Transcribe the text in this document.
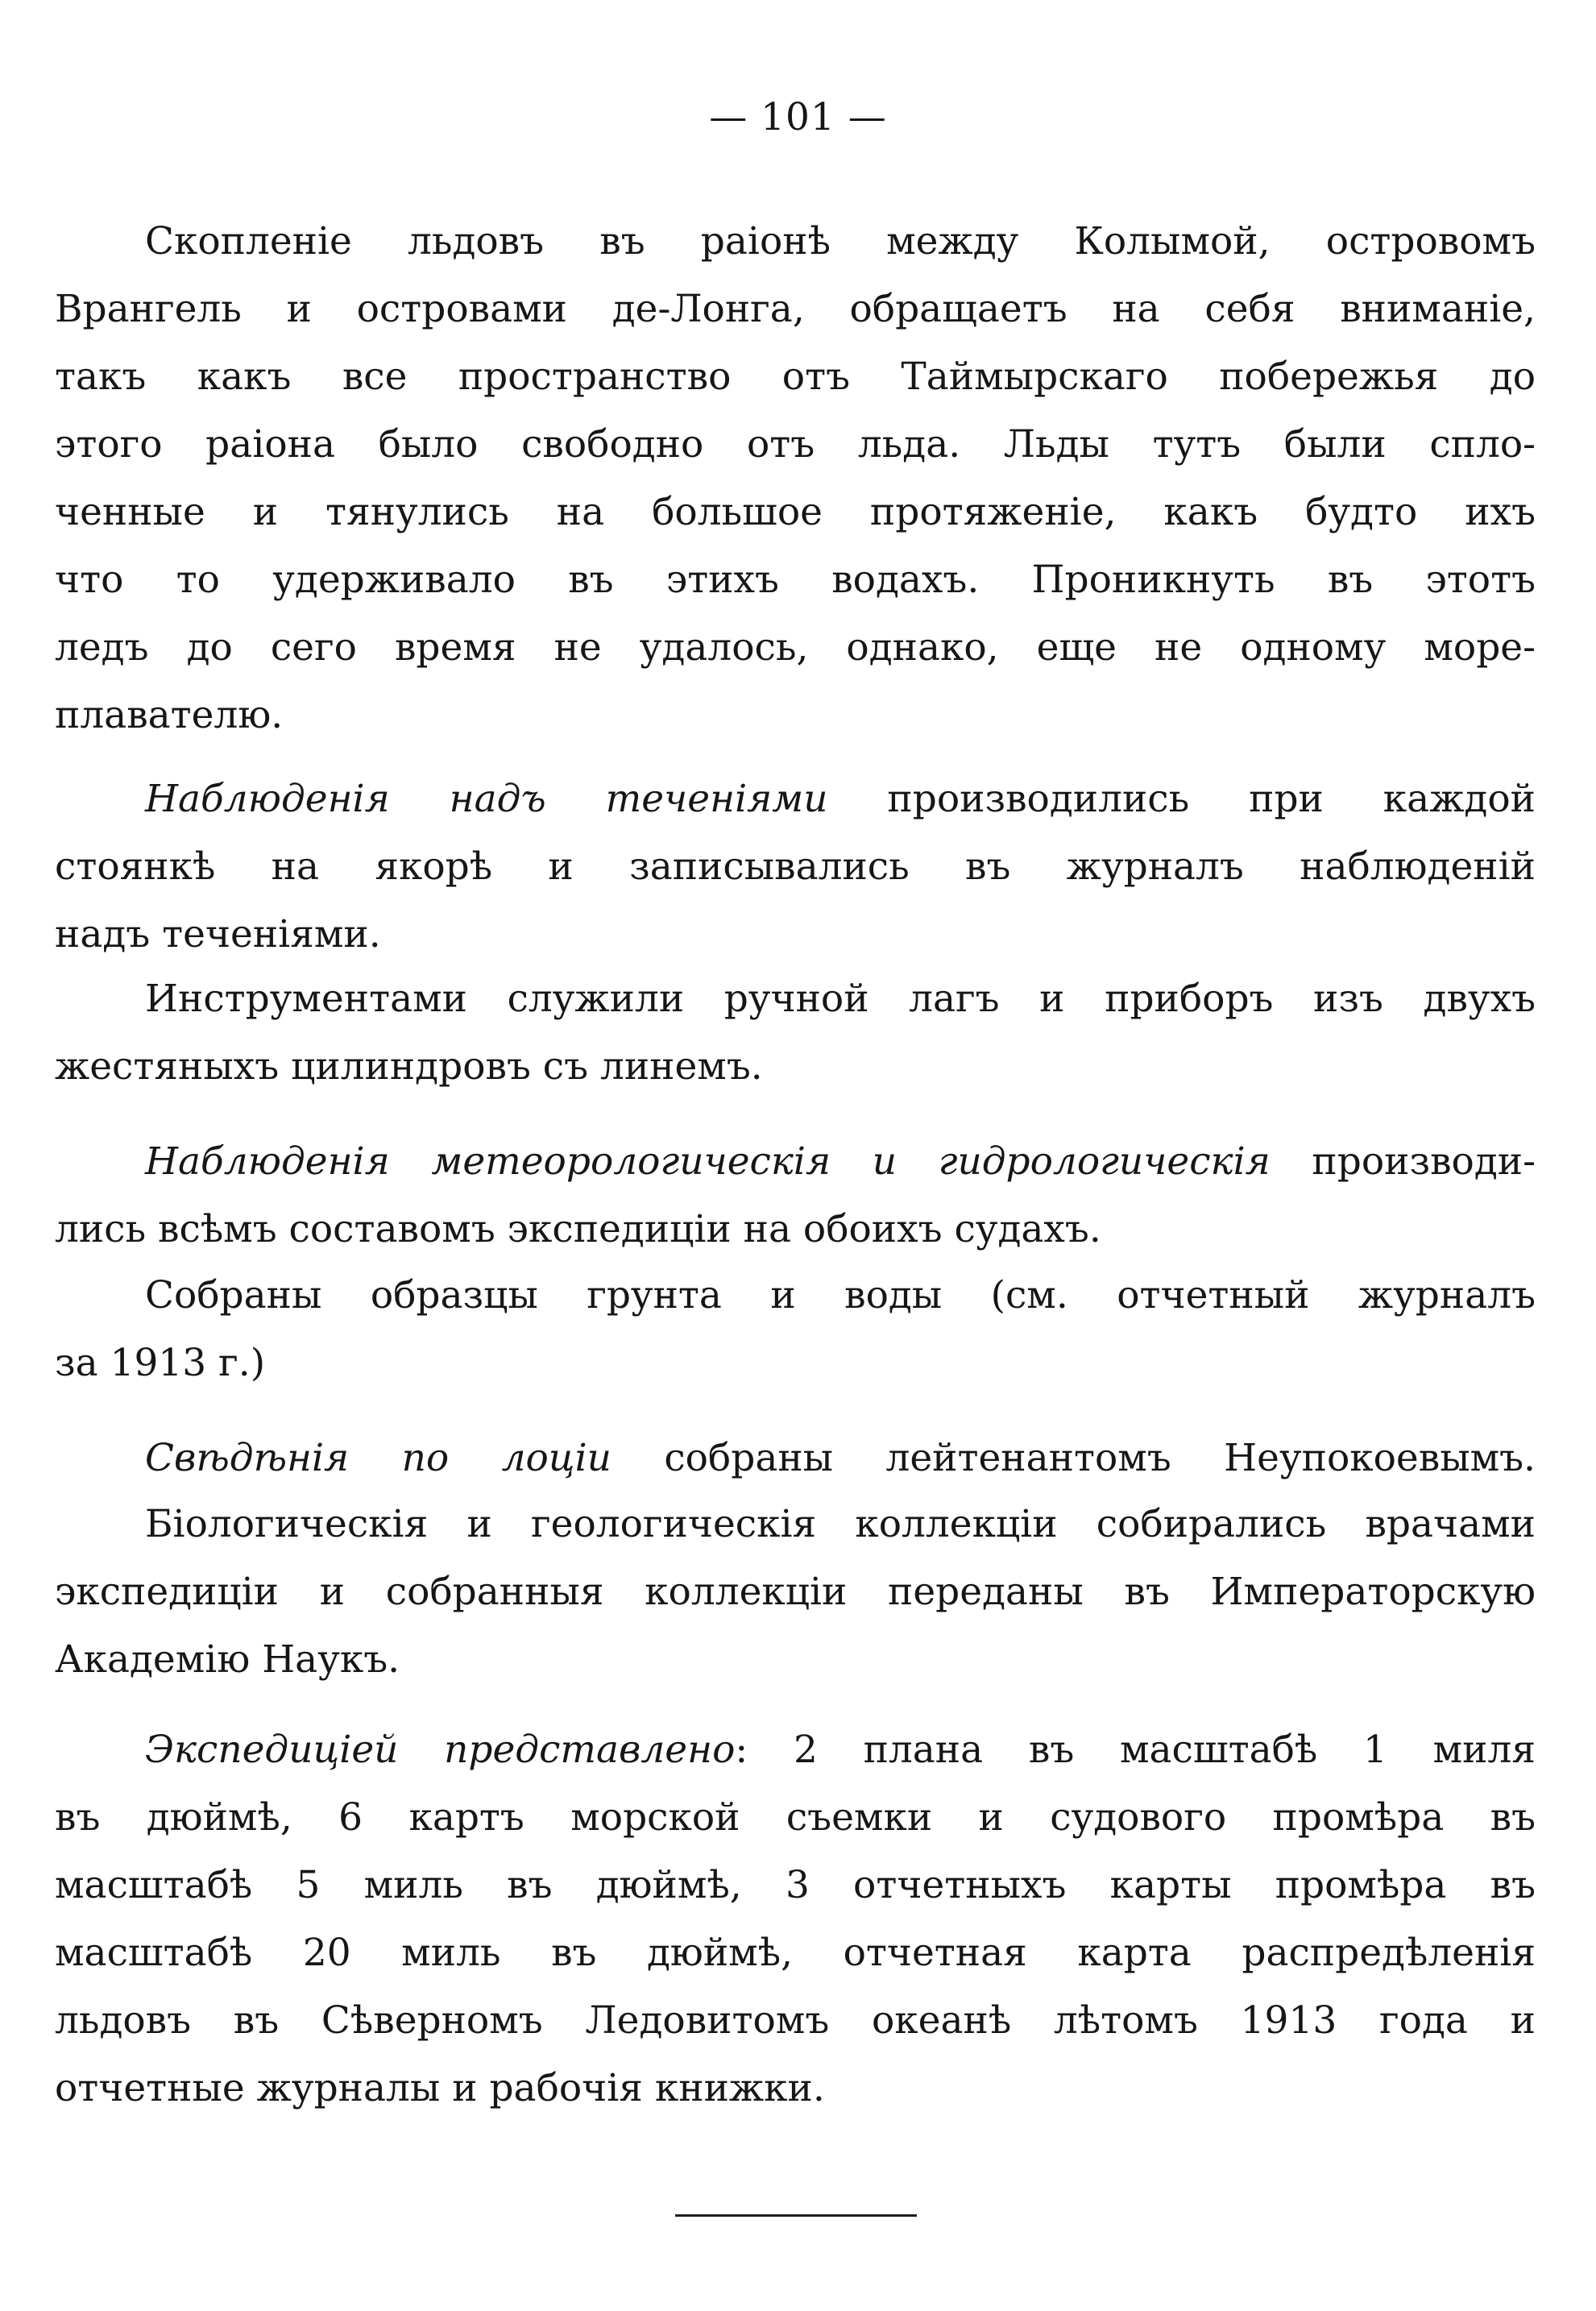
— 101 —
Скопленіе льдовъ въ раіонѣ между Колымой, островомъ
Врангель и островами де-Лонга, обращаетъ на себя вниманіе,
такъ какъ все пространство отъ Таймырскаго побережья до
этого раіона было свободно отъ льда. Льды тутъ были спло-
ченные и тянулись на большое протяженіе, какъ будто ихъ
что то удерживало въ этихъ водахъ. Проникнуть въ этотъ
ледъ до сего время не удалось, однако, еще не одному море-
плавателю.
Наблюденія надъ теченіями производились при каждой
стоянкѣ на якорѣ и записывались въ журналъ наблюденій
надъ теченіями.
Инструментами служили ручной лагъ и приборъ изъ двухъ
жестяныхъ цилиндровъ съ линемъ.
Наблюденія метеорологическія и гидрологическія производи-
лись всѣмъ составомъ экспедиціи на обоихъ судахъ.
Собраны образцы грунта и воды (см. отчетный журналъ
за 1913 г.)
Свѣдѣнія по лоціи собраны лейтенантомъ Неупокоевымъ.
Біологическія и геологическія коллекціи собирались врачами
экспедиціи и собранныя коллекціи переданы въ Императорскую
Академію Наукъ.
Экспедиціей представлено: 2 плана въ масштабѣ 1 миля
въ дюймѣ, 6 картъ морской съемки и судового промѣра въ
масштабѣ 5 миль въ дюймѣ, 3 отчетныхъ карты промѣра въ
масштабѣ 20 миль въ дюймѣ, отчетная карта распредѣленія
льдовъ въ Сѣверномъ Ледовитомъ океанѣ лѣтомъ 1913 года и
отчетные журналы и рабочія книжки.
